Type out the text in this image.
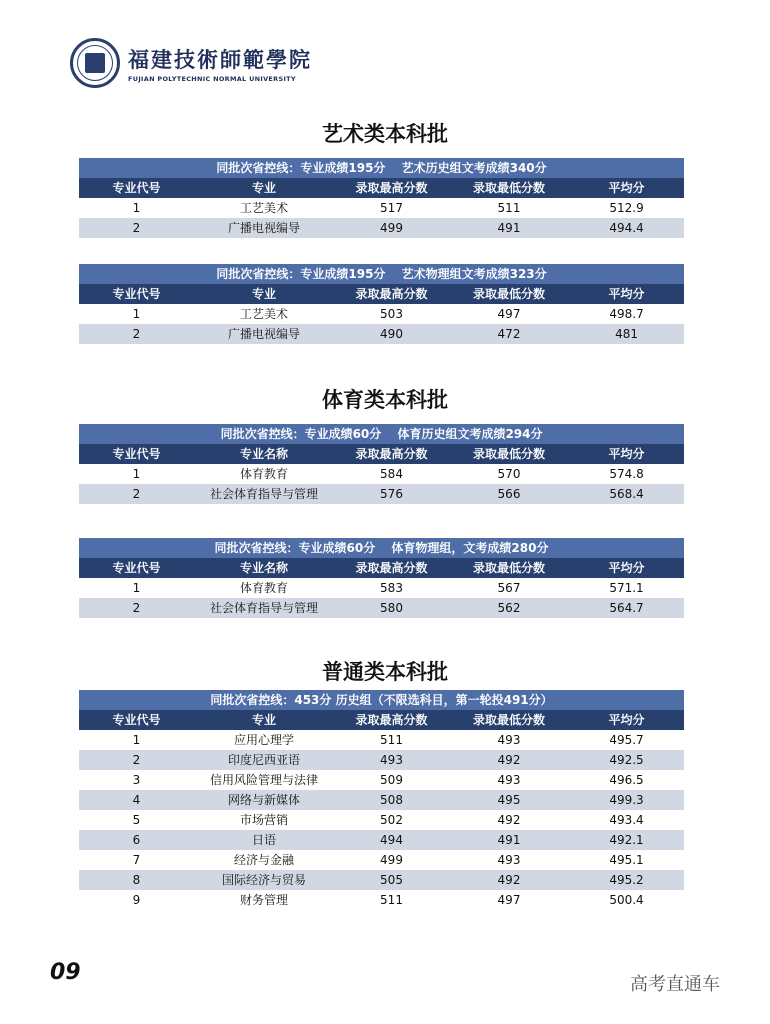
福建技術師範學院
FUJIAN POLYTECHNIC NORMAL UNIVERSITY
艺术类本科批
同批次省控线：专业成绩195分　 艺术历史组文考成绩340分				
专业代号	专业	录取最高分数	录取最低分数	平均分
1	工艺美术	517	511	512.9
2	广播电视编导	499	491	494.4
同批次省控线：专业成绩195分　 艺术物理组文考成绩323分				
专业代号	专业	录取最高分数	录取最低分数	平均分
1	工艺美术	503	497	498.7
2	广播电视编导	490	472	481
体育类本科批
同批次省控线：专业成绩60分　 体育历史组文考成绩294分				
专业代号	专业名称	录取最高分数	录取最低分数	平均分
1	体育教育	584	570	574.8
2	社会体育指导与管理	576	566	568.4
同批次省控线：专业成绩60分　 体育物理组，文考成绩280分				
专业代号	专业名称	录取最高分数	录取最低分数	平均分
1	体育教育	583	567	571.1
2	社会体育指导与管理	580	562	564.7
普通类本科批
同批次省控线：453分 历史组（不限选科目，第一轮投491分）				
专业代号	专业	录取最高分数	录取最低分数	平均分
1	应用心理学	511	493	495.7
2	印度尼西亚语	493	492	492.5
3	信用风险管理与法律	509	493	496.5
4	网络与新媒体	508	495	499.3
5	市场营销	502	492	493.4
6	日语	494	491	492.1
7	经济与金融	499	493	495.1
8	国际经济与贸易	505	492	495.2
9	财务管理	511	497	500.4
09	高考直通车
